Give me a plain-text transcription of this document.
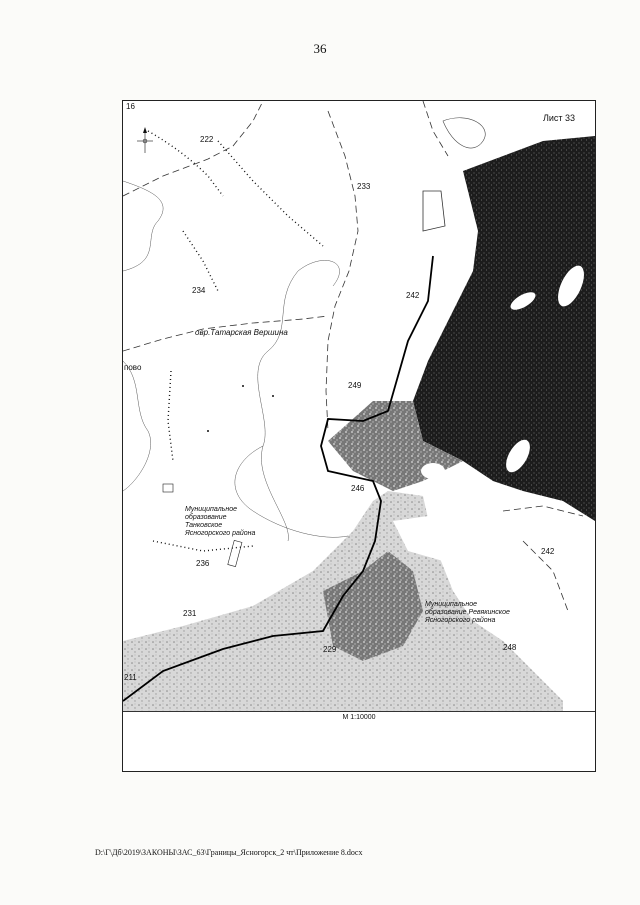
36
16
Лист 33
222
233
234
242
249
246
236
231
229
211
242
248
овр.Татарская Вершина
пово
Муниципальное образование Танковское Ясногорского района
Муниципальное образование Ревякинское Ясногорского района
М 1:10000
D:\Г\Дб\2019\ЗАКОНЫ\ЗАС_63\Границы_Ясногорск_2 чт\Приложение 8.docx
